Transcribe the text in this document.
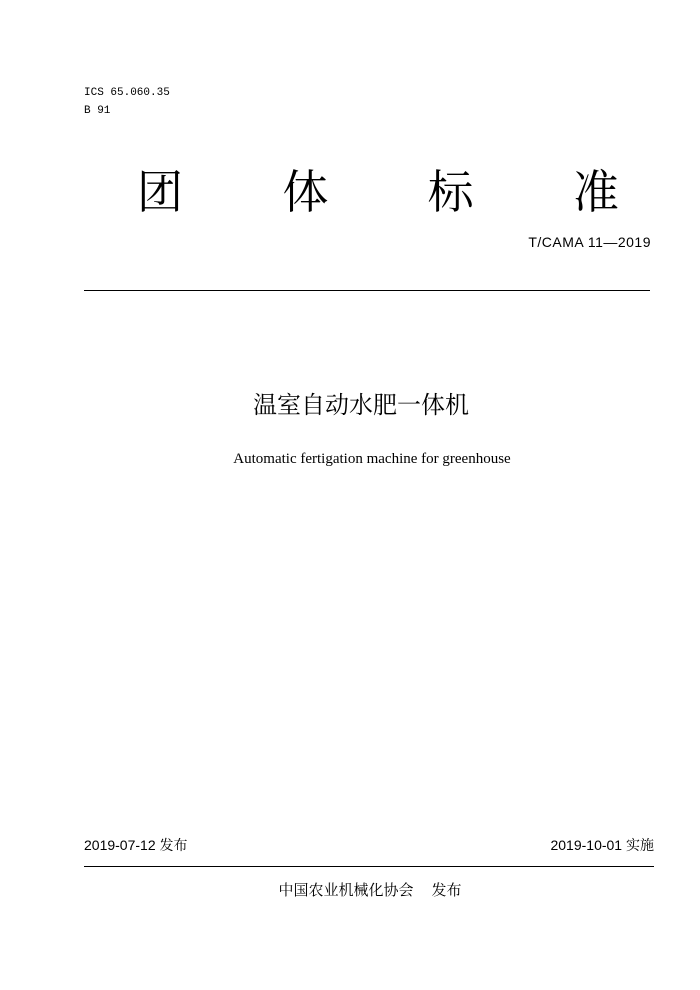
ICS 65.060.35
B 91
团 体 标 准
T/CAMA 11—2019
温室自动水肥一体机
Automatic fertigation machine for greenhouse
2019-07-12 发布	2019-10-01 实施
中国农业机械化协会 发布
